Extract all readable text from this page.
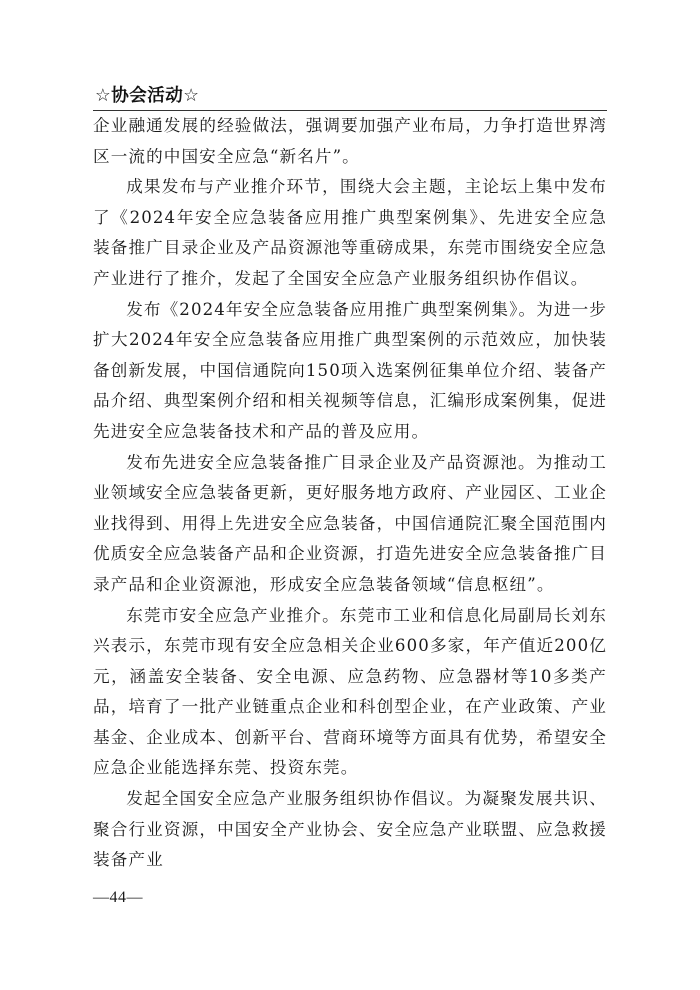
☆协会活动☆

企业融通发展的经验做法，强调要加强产业布局，力争打造世界湾区一流的中国安全应急“新名片”。

成果发布与产业推介环节，围绕大会主题，主论坛上集中发布了《2024年安全应急装备应用推广典型案例集》、先进安全应急装备推广目录企业及产品资源池等重磅成果，东莞市围绕安全应急产业进行了推介，发起了全国安全应急产业服务组织协作倡议。

发布《2024年安全应急装备应用推广典型案例集》。为进一步扩大2024年安全应急装备应用推广典型案例的示范效应，加快装备创新发展，中国信通院向150项入选案例征集单位介绍、装备产品介绍、典型案例介绍和相关视频等信息，汇编形成案例集，促进先进安全应急装备技术和产品的普及应用。

发布先进安全应急装备推广目录企业及产品资源池。为推动工业领域安全应急装备更新，更好服务地方政府、产业园区、工业企业找得到、用得上先进安全应急装备，中国信通院汇聚全国范围内优质安全应急装备产品和企业资源，打造先进安全应急装备推广目录产品和企业资源池，形成安全应急装备领域“信息枢纽”。

东莞市安全应急产业推介。东莞市工业和信息化局副局长刘东兴表示，东莞市现有安全应急相关企业600多家，年产值近200亿元，涵盖安全装备、安全电源、应急药物、应急器材等10多类产品，培育了一批产业链重点企业和科创型企业，在产业政策、产业基金、企业成本、创新平台、营商环境等方面具有优势，希望安全应急企业能选择东莞、投资东莞。

发起全国安全应急产业服务组织协作倡议。为凝聚发展共识、聚合行业资源，中国安全产业协会、安全应急产业联盟、应急救援装备产业

—44—
